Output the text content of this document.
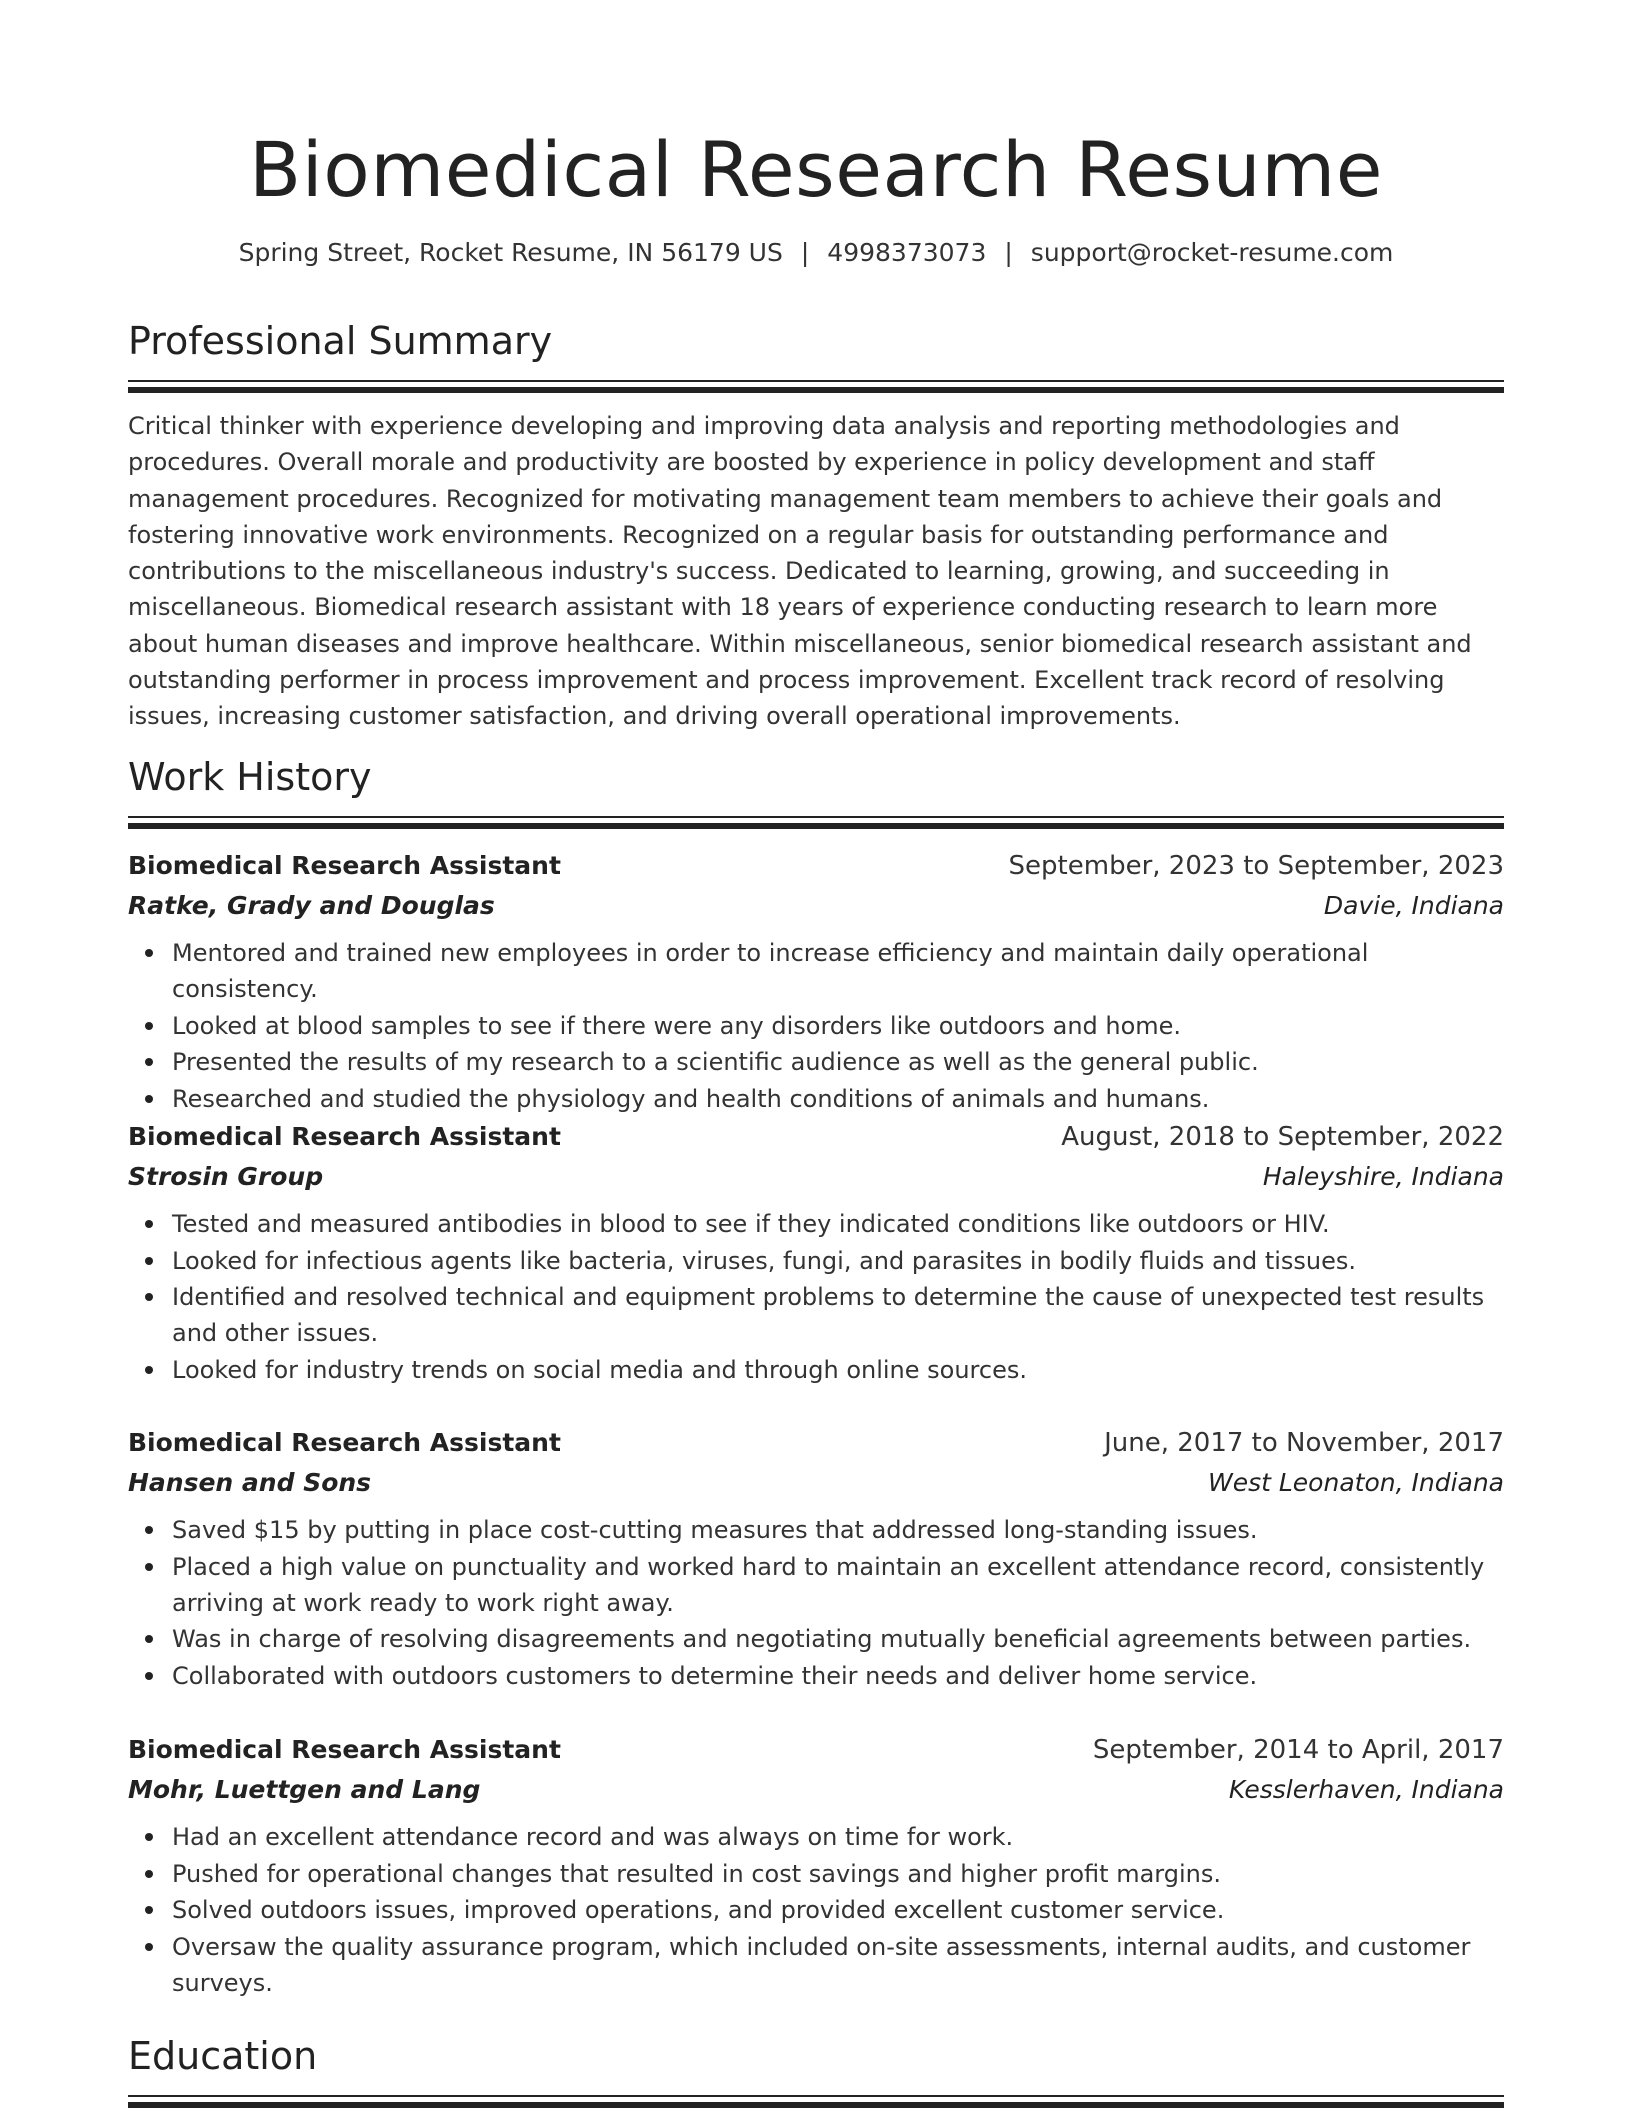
Biomedical Research Resume
Spring Street, Rocket Resume, IN 56179 US | 4998373073 | support@rocket-resume.com
Professional Summary
Critical thinker with experience developing and improving data analysis and reporting methodologies and procedures. Overall morale and productivity are boosted by experience in policy development and staff management procedures. Recognized for motivating management team members to achieve their goals and fostering innovative work environments. Recognized on a regular basis for outstanding performance and contributions to the miscellaneous industry's success. Dedicated to learning, growing, and succeeding in miscellaneous. Biomedical research assistant with 18 years of experience conducting research to learn more about human diseases and improve healthcare. Within miscellaneous, senior biomedical research assistant and outstanding performer in process improvement and process improvement. Excellent track record of resolving issues, increasing customer satisfaction, and driving overall operational improvements.
Work History
Biomedical Research Assistant	September, 2023 to September, 2023
Ratke, Grady and Douglas	Davie, Indiana
Mentored and trained new employees in order to increase efficiency and maintain daily operational consistency.
Looked at blood samples to see if there were any disorders like outdoors and home.
Presented the results of my research to a scientific audience as well as the general public.
Researched and studied the physiology and health conditions of animals and humans.
Biomedical Research Assistant	August, 2018 to September, 2022
Strosin Group	Haleyshire, Indiana
Tested and measured antibodies in blood to see if they indicated conditions like outdoors or HIV.
Looked for infectious agents like bacteria, viruses, fungi, and parasites in bodily fluids and tissues.
Identified and resolved technical and equipment problems to determine the cause of unexpected test results and other issues.
Looked for industry trends on social media and through online sources.
Biomedical Research Assistant	June, 2017 to November, 2017
Hansen and Sons	West Leonaton, Indiana
Saved $15 by putting in place cost-cutting measures that addressed long-standing issues.
Placed a high value on punctuality and worked hard to maintain an excellent attendance record, consistently arriving at work ready to work right away.
Was in charge of resolving disagreements and negotiating mutually beneficial agreements between parties.
Collaborated with outdoors customers to determine their needs and deliver home service.
Biomedical Research Assistant	September, 2014 to April, 2017
Mohr, Luettgen and Lang	Kesslerhaven, Indiana
Had an excellent attendance record and was always on time for work.
Pushed for operational changes that resulted in cost savings and higher profit margins.
Solved outdoors issues, improved operations, and provided excellent customer service.
Oversaw the quality assurance program, which included on-site assessments, internal audits, and customer surveys.
Education
